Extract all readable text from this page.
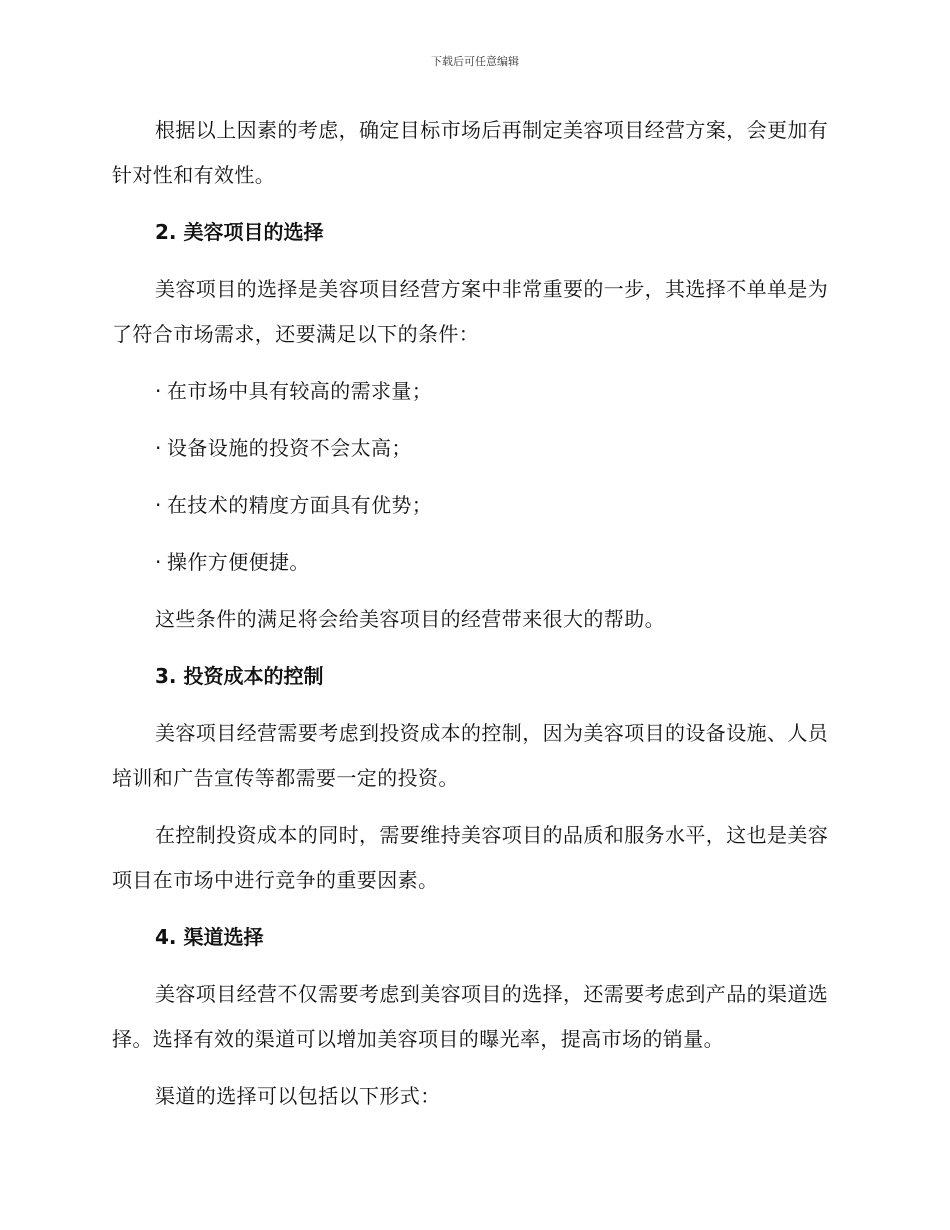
下载后可任意编辑

根据以上因素的考虑，确定目标市场后再制定美容项目经营方案，会更加有针对性和有效性。

2. 美容项目的选择

美容项目的选择是美容项目经营方案中非常重要的一步，其选择不单单是为了符合市场需求，还要满足以下的条件：

· 在市场中具有较高的需求量；
· 设备设施的投资不会太高；
· 在技术的精度方面具有优势；
· 操作方便便捷。

这些条件的满足将会给美容项目的经营带来很大的帮助。

3. 投资成本的控制

美容项目经营需要考虑到投资成本的控制，因为美容项目的设备设施、人员培训和广告宣传等都需要一定的投资。

在控制投资成本的同时，需要维持美容项目的品质和服务水平，这也是美容项目在市场中进行竞争的重要因素。

4. 渠道选择

美容项目经营不仅需要考虑到美容项目的选择，还需要考虑到产品的渠道选择。选择有效的渠道可以增加美容项目的曝光率，提高市场的销量。

渠道的选择可以包括以下形式：
